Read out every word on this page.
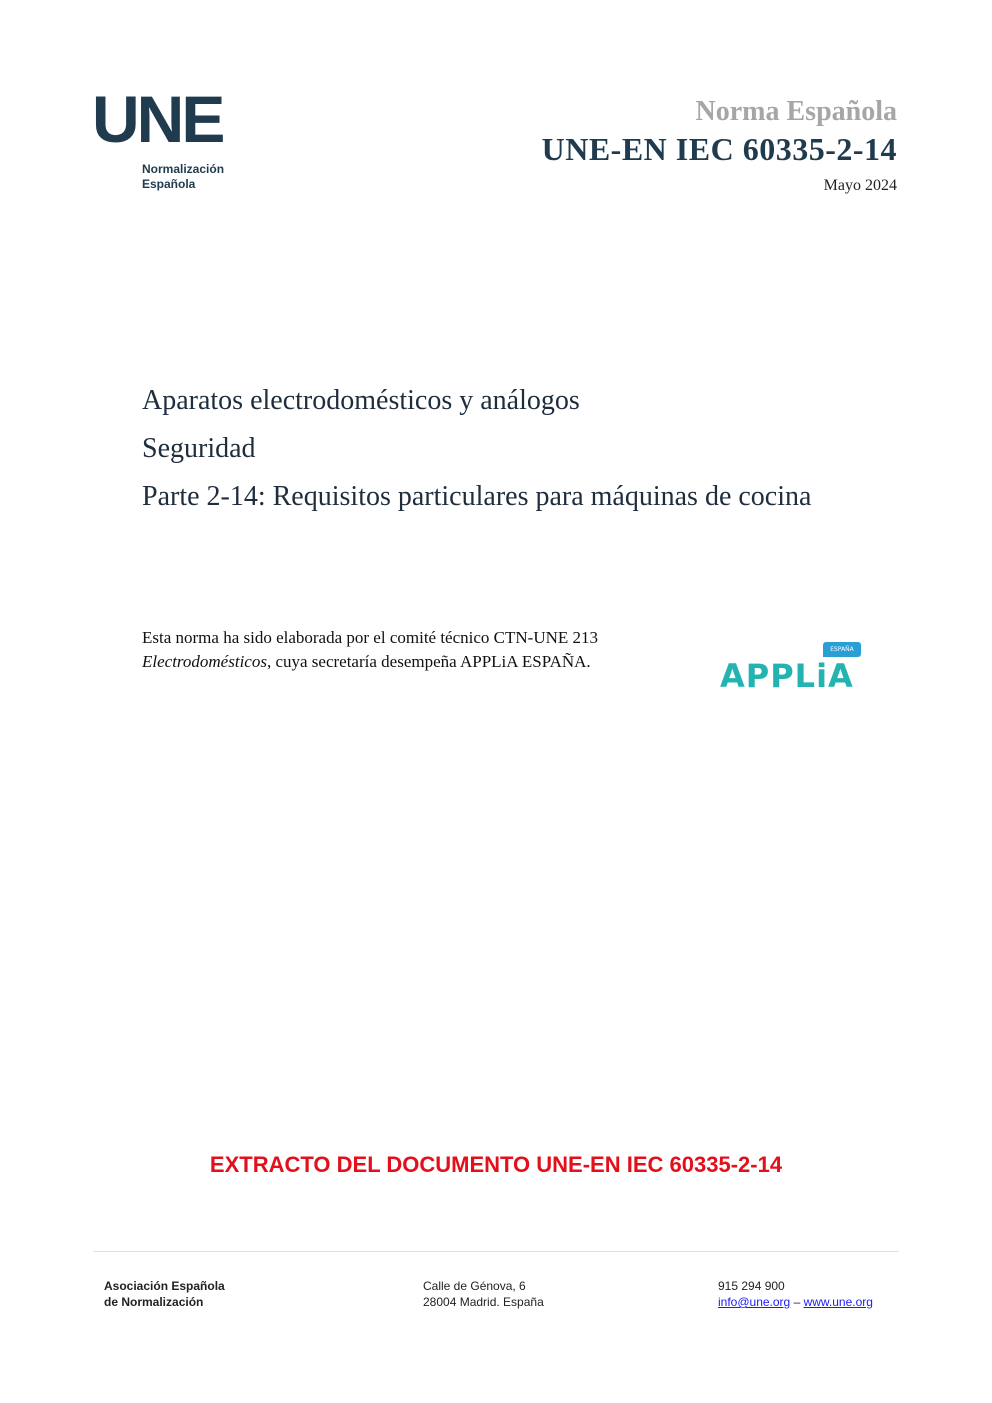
UNE
Normalización
Española
Norma Española
UNE-EN IEC 60335-2-14
Mayo 2024

Aparatos electrodomésticos y análogos

Seguridad

Parte 2-14: Requisitos particulares para máquinas de cocina

Esta norma ha sido elaborada por el comité técnico CTN-UNE 213 Electrodomésticos, cuya secretaría desempeña APPLiA ESPAÑA.
ESPAÑA
APPLiA
EXTRACTO DEL DOCUMENTO UNE-EN IEC 60335-2-14
Asociación Española
de Normalización
Calle de Génova, 6
28004 Madrid. España
915 294 900
info@une.org – www.une.org
